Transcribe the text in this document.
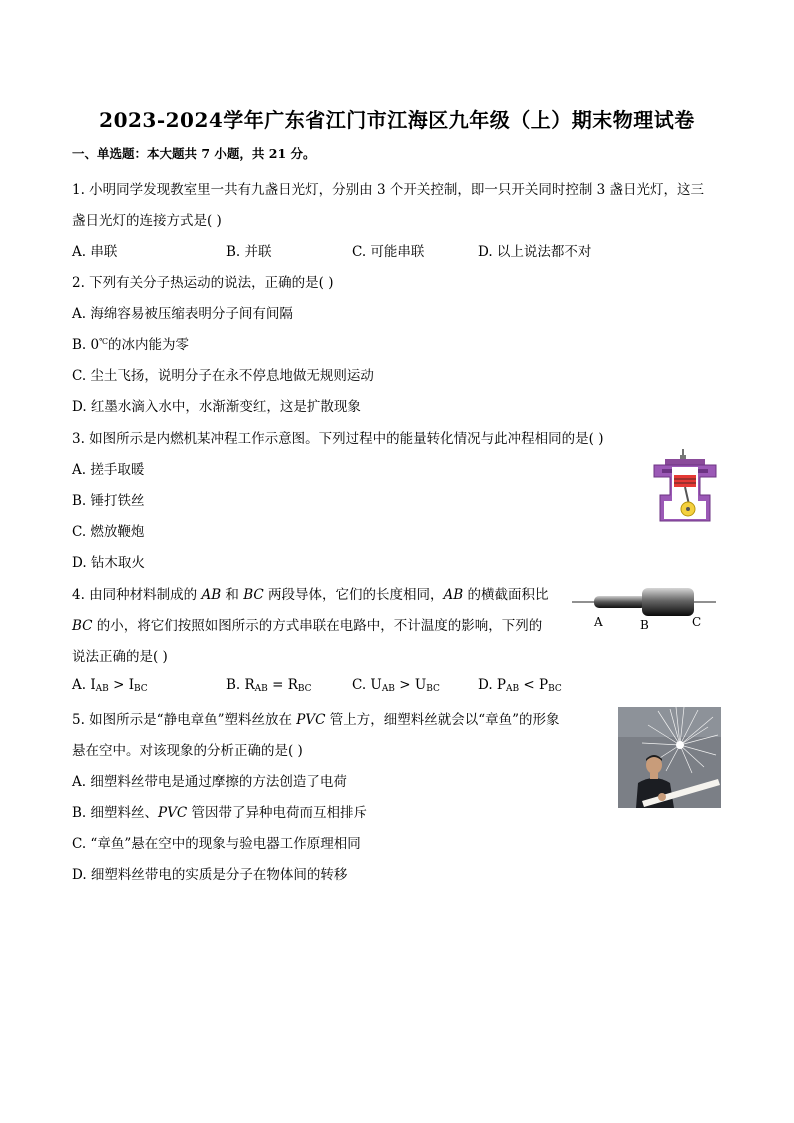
2023-2024学年广东省江门市江海区九年级（上）期末物理试卷
一、单选题：本大题共 7 小题，共 21 分。
1. 小明同学发现教室里一共有九盏日光灯，分别由 3 个开关控制，即一只开关同时控制 3 盏日光灯，这三
盏日光灯的连接方式是( )
A. 串联	B. 并联	C. 可能串联	D. 以上说法都不对
2. 下列有关分子热运动的说法，正确的是( )
A. 海绵容易被压缩表明分子间有间隔
B. 0℃的冰内能为零
C. 尘土飞扬，说明分子在永不停息地做无规则运动
D. 红墨水滴入水中，水渐渐变红，这是扩散现象
3. 如图所示是内燃机某冲程工作示意图。下列过程中的能量转化情况与此冲程相同的是( )
A. 搓手取暖
B. 锤打铁丝
C. 燃放鞭炮
D. 钻木取火
4. 由同种材料制成的 AB 和 BC 两段导体，它们的长度相同，AB 的横截面积比
BC 的小，将它们按照如图所示的方式串联在电路中，不计温度的影响，下列的
说法正确的是( )
A. $I_{AB} > I_{BC}$	B. $R_{AB} = R_{BC}$	C. $U_{AB} > U_{BC}$	D. $P_{AB} < P_{BC}$
A	B	C
5. 如图所示是“静电章鱼”塑料丝放在 PVC 管上方，细塑料丝就会以“章鱼”的形象
悬在空中。对该现象的分析正确的是( )
A. 细塑料丝带电是通过摩擦的方法创造了电荷
B. 细塑料丝、PVC 管因带了异种电荷而互相排斥
C. “章鱼”悬在空中的现象与验电器工作原理相同
D. 细塑料丝带电的实质是分子在物体间的转移
